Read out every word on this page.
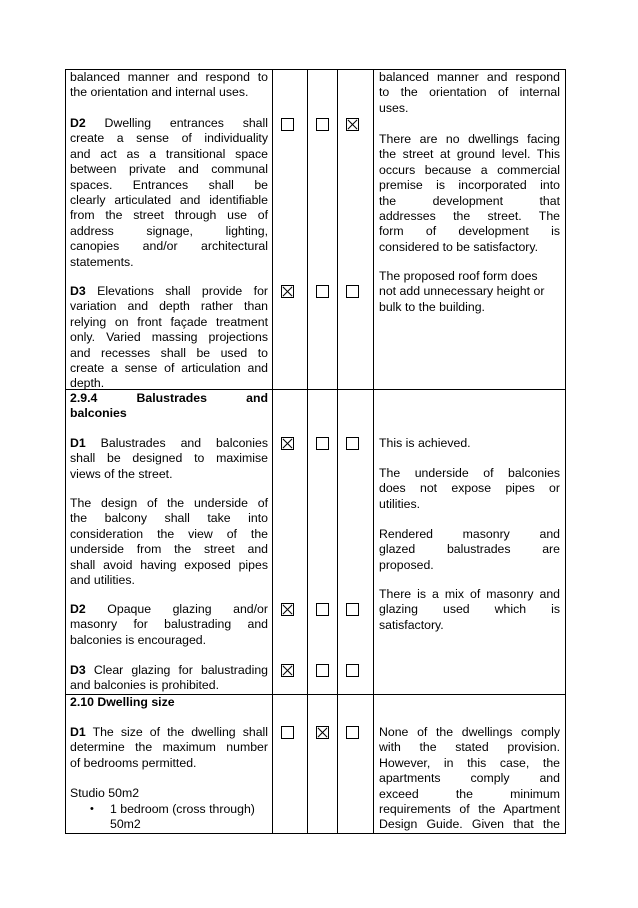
balanced manner and respond to
the orientation and internal uses.
balanced manner and respond
to the orientation of internal
uses.
D2 Dwelling entrances shall
create a sense of individuality
and act as a transitional space
between private and communal
spaces. Entrances shall be
clearly articulated and identifiable
from the street through use of
address signage, lighting,
canopies and/or architectural
statements.
There are no dwellings facing
the street at ground level. This
occurs because a commercial
premise is incorporated into
the development that
addresses the street. The
form of development is
considered to be satisfactory.
D3 Elevations shall provide for
variation and depth rather than
relying on front façade treatment
only. Varied massing projections
and recesses shall be used to
create a sense of articulation and
depth.
The proposed roof form does
not add unnecessary height or
bulk to the building.
2.9.4 Balustrades and
balconies
D1 Balustrades and balconies
shall be designed to maximise
views of the street.
This is achieved.
The underside of balconies
does not expose pipes or
utilities.
Rendered masonry and
glazed balustrades are
proposed.
The design of the underside of
the balcony shall take into
consideration the view of the
underside from the street and
shall avoid having exposed pipes
and utilities.
D2 Opaque glazing and/or
masonry for balustrading and
balconies is encouraged.
There is a mix of masonry and
glazing used which is
satisfactory.
D3 Clear glazing for balustrading
and balconies is prohibited.
2.10 Dwelling size
D1 The size of the dwelling shall
determine the maximum number
of bedrooms permitted.
None of the dwellings comply
with the stated provision.
However, in this case, the
apartments comply and
exceed the minimum
requirements of the Apartment
Design Guide. Given that the
Studio 50m2
• 1 bedroom (cross through)
50m2
